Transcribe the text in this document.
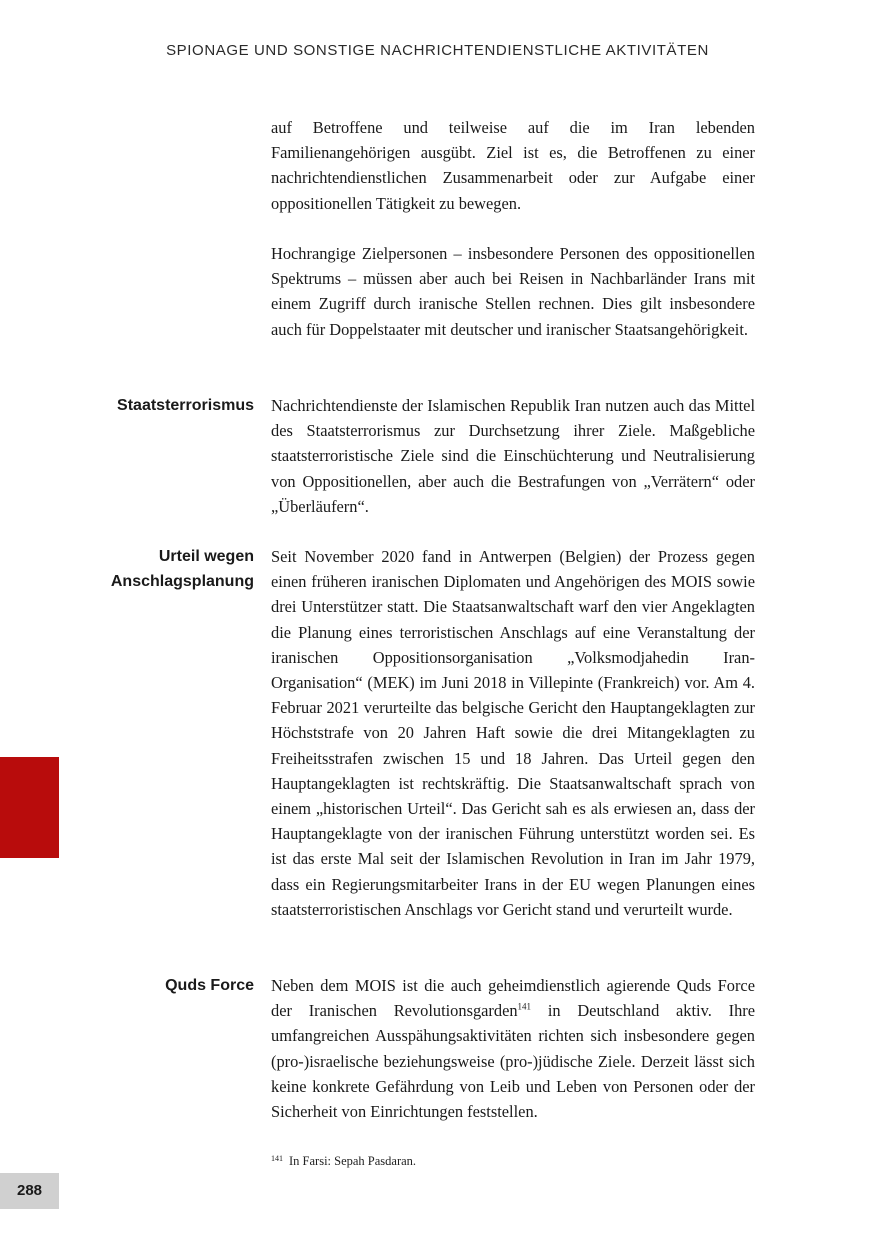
SPIONAGE UND SONSTIGE NACHRICHTENDIENSTLICHE AKTIVITÄTEN

auf Betroffene und teilweise auf die im Iran lebenden Familienangehörigen ausgübt. Ziel ist es, die Betroffenen zu einer nachrichtendienstlichen Zusammenarbeit oder zur Aufgabe einer oppositionellen Tätigkeit zu bewegen.

Hochrangige Zielpersonen – insbesondere Personen des oppositionellen Spektrums – müssen aber auch bei Reisen in Nachbarländer Irans mit einem Zugriff durch iranische Stellen rechnen. Dies gilt insbesondere auch für Doppelstaater mit deutscher und iranischer Staatsangehörigkeit.

Staatsterrorismus Nachrichtendienste der Islamischen Republik Iran nutzen auch das Mittel des Staatsterrorismus zur Durchsetzung ihrer Ziele. Maßgebliche staatsterroristische Ziele sind die Einschüchterung und Neutralisierung von Oppositionellen, aber auch die Bestrafungen von „Verrätern“ oder „Überläufern“.

Urteil wegen
Anschlagsplanung

Seit November 2020 fand in Antwerpen (Belgien) der Prozess gegen einen früheren iranischen Diplomaten und Angehörigen des MOIS sowie drei Unterstützer statt. Die Staatsanwaltschaft warf den vier Angeklagten die Planung eines terroristischen Anschlags auf eine Veranstaltung der iranischen Oppositionsorganisation „Volksmodjahedin Iran-Organisation“ (MEK) im Juni 2018 in Villepinte (Frankreich) vor. Am 4. Februar 2021 verurteilte das belgische Gericht den Hauptangeklagten zur Höchststrafe von 20 Jahren Haft sowie die drei Mitangeklagten zu Freiheitsstrafen zwischen 15 und 18 Jahren. Das Urteil gegen den Hauptangeklagten ist rechtskräftig. Die Staatsanwaltschaft sprach von einem „historischen Urteil“. Das Gericht sah es als erwiesen an, dass der Hauptangeklagte von der iranischen Führung unterstützt worden sei. Es ist das erste Mal seit der Islamischen Revolution in Iran im Jahr 1979, dass ein Regierungsmitarbeiter Irans in der EU wegen Planungen eines staatsterroristischen Anschlags vor Gericht stand und verurteilt wurde.

Quds Force Neben dem MOIS ist die auch geheimdienstlich agierende Quds Force der Iranischen Revolutionsgarden$^{141}$ in Deutschland aktiv. Ihre umfangreichen Ausspähungsaktivitäten richten sich insbesondere gegen (pro-)israelische beziehungsweise (pro-)jüdische Ziele. Derzeit lässt sich keine konkrete Gefährdung von Leib und Leben von Personen oder der Sicherheit von Einrichtungen feststellen.

$^{141}$ In Farsi: Sepah Pasdaran.
288
